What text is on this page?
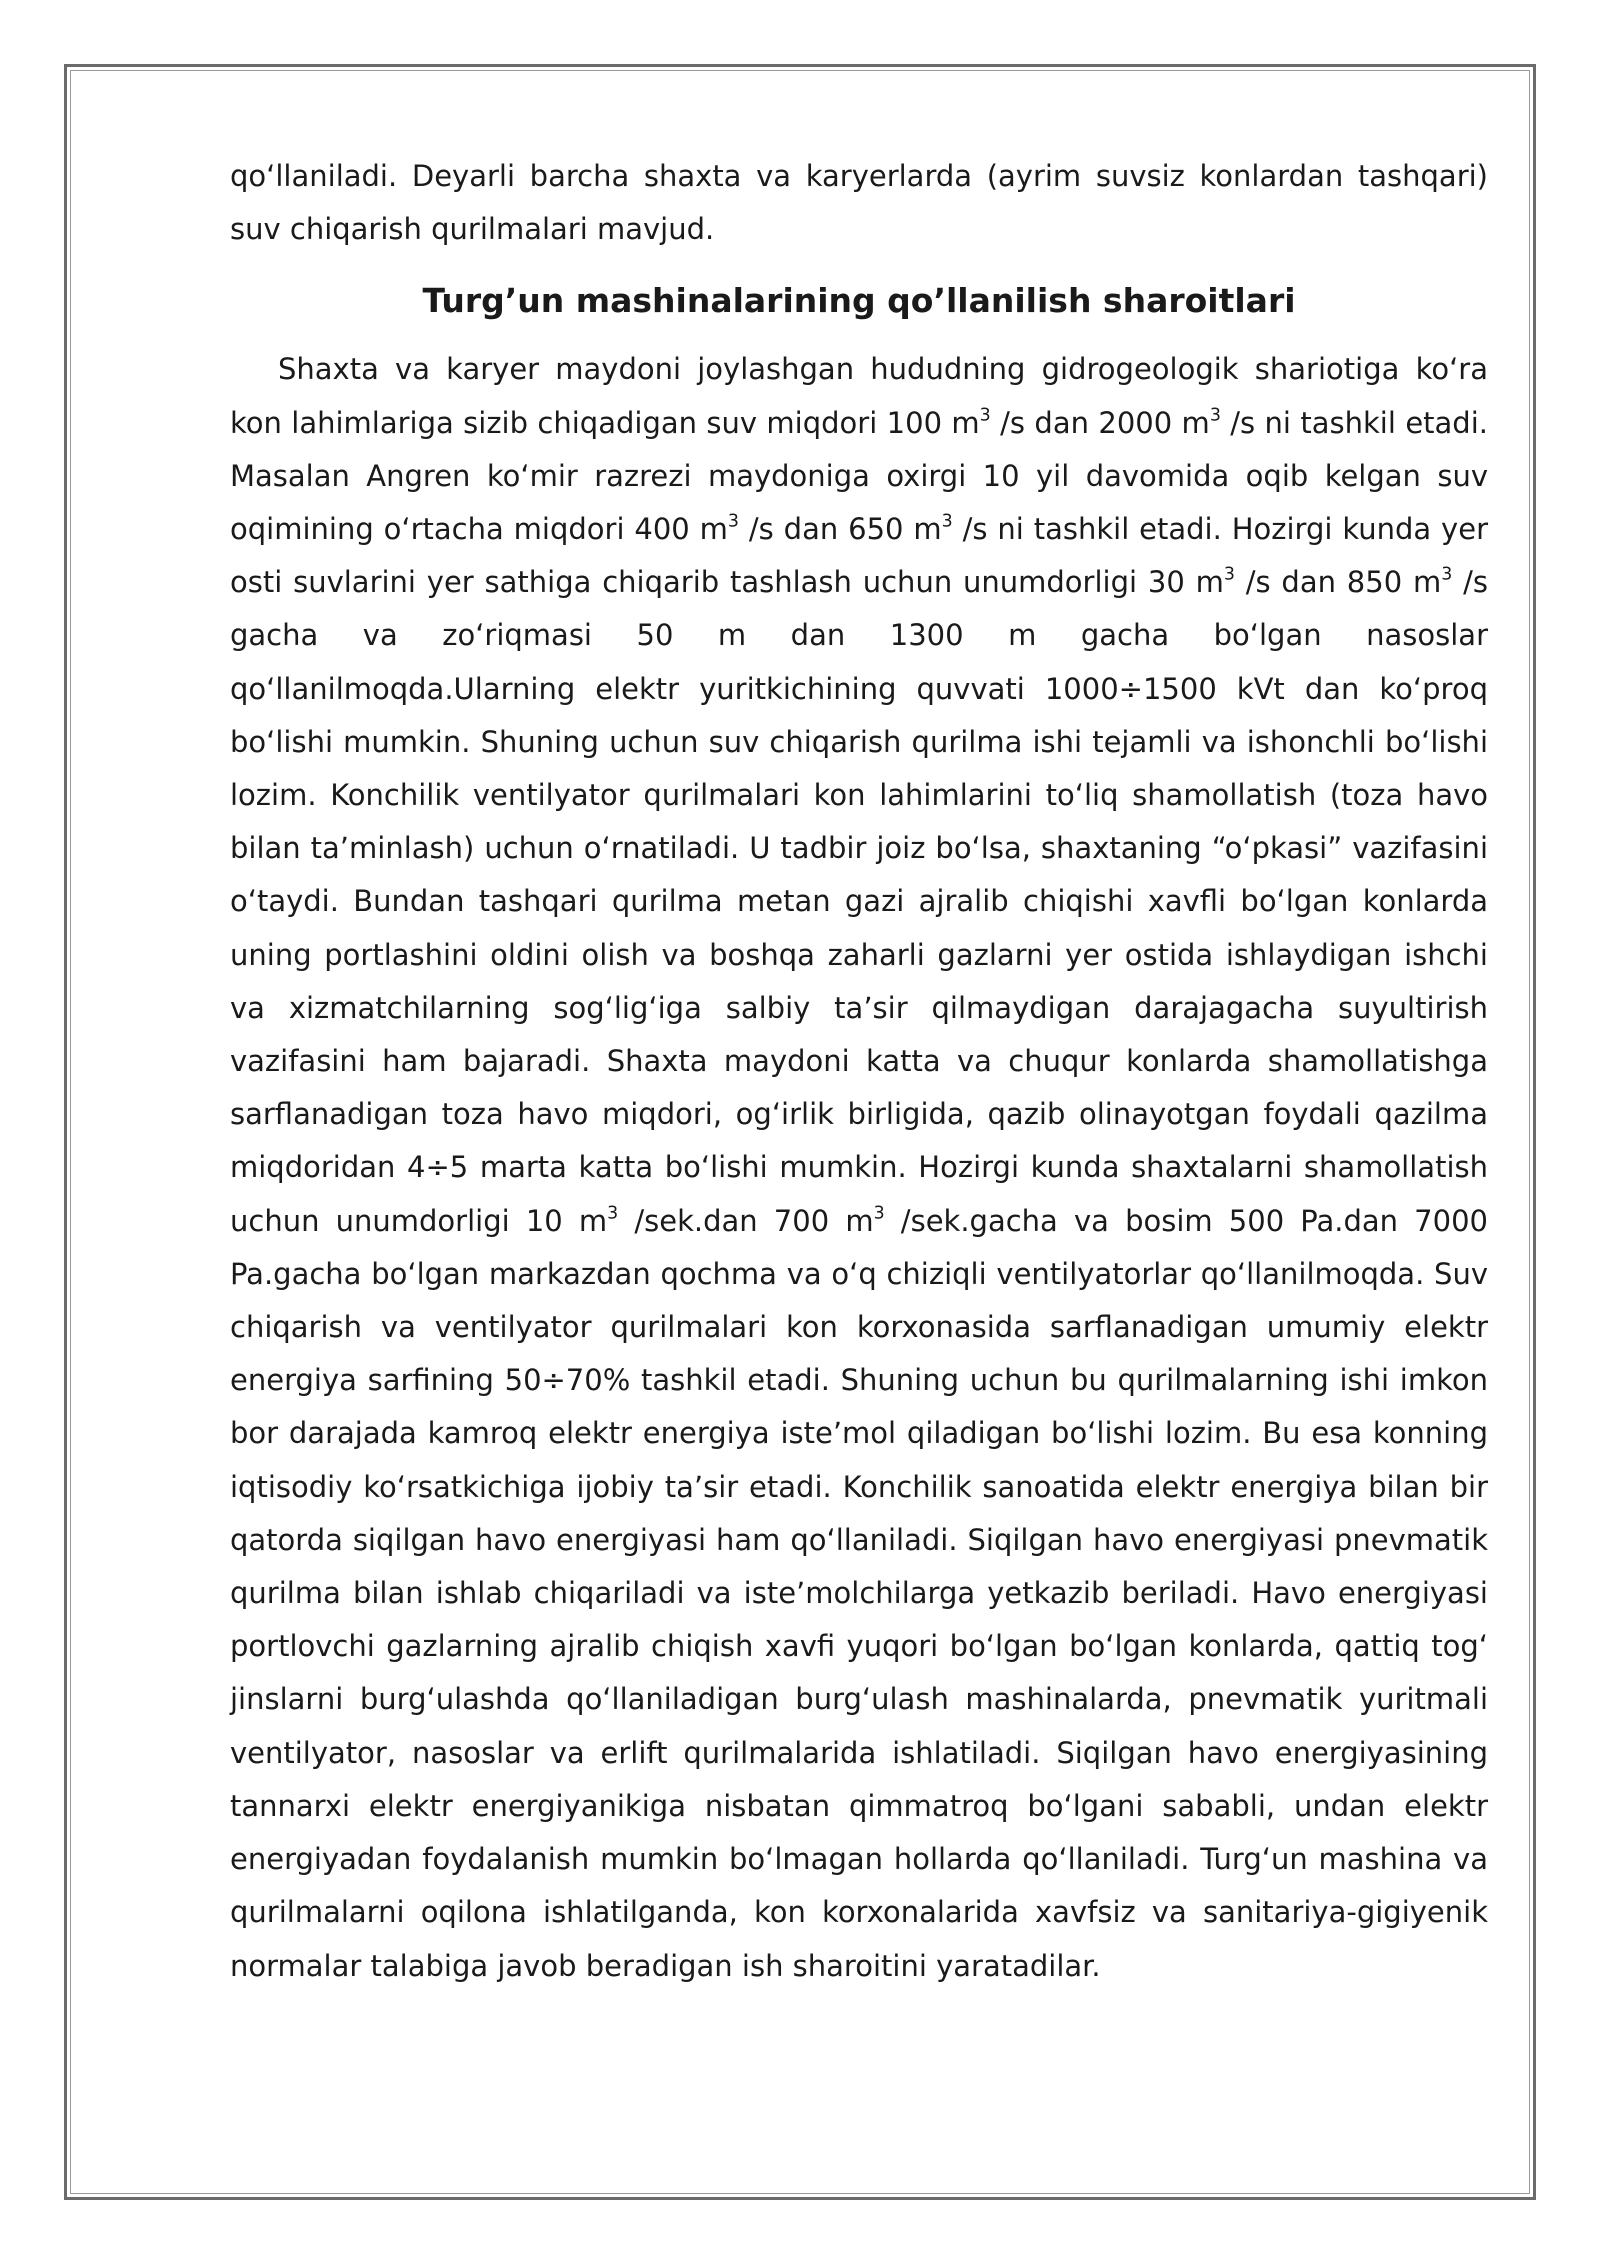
qoʻllaniladi. Deyarli barcha shaxta va karyerlarda (ayrim suvsiz konlardan tashqari) suv chiqarish qurilmalari mavjud.

Turg’un mashinalarining qo’llanilish sharoitlari

Shaxta va karyer maydoni joylashgan hududning gidrogeologik shariotiga koʻra kon lahimlariga sizib chiqadigan suv miqdori 100 $m^3$ /s dan 2000 $m^3$ /s ni tashkil etadi. Masalan Angren koʻmir razrezi maydoniga oxirgi 10 yil davomida oqib kelgan suv oqimining oʻrtacha miqdori 400 $m^3$ /s dan 650 $m^3$ /s ni tashkil etadi. Hozirgi kunda yer osti suvlarini yer sathiga chiqarib tashlash uchun unumdorligi 30 $m^3$ /s dan 850 $m^3$ /s gacha va zoʻriqmasi 50 m dan 1300 m gacha boʻlgan nasoslar qoʻllanilmoqda.Ularning elektr yuritkichining quvvati 1000÷1500 kVt dan koʻproq boʻlishi mumkin. Shuning uchun suv chiqarish qurilma ishi tejamli va ishonchli boʻlishi lozim. Konchilik ventilyator qurilmalari kon lahimlarini toʻliq shamollatish (toza havo bilan ta’minlash) uchun oʻrnatiladi. U tadbir joiz boʻlsa, shaxtaning “oʻpkasi” vazifasini oʻtaydi. Bundan tashqari qurilma metan gazi ajralib chiqishi xavfli boʻlgan konlarda uning portlashini oldini olish va boshqa zaharli gazlarni yer ostida ishlaydigan ishchi va xizmatchilarning sogʻligʻiga salbiy ta’sir qilmaydigan darajagacha suyultirish vazifasini ham bajaradi. Shaxta maydoni katta va chuqur konlarda shamollatishga sarflanadigan toza havo miqdori, ogʻirlik birligida, qazib olinayotgan foydali qazilma miqdoridan 4÷5 marta katta boʻlishi mumkin. Hozirgi kunda shaxtalarni shamollatish uchun unumdorligi 10 $m^3$ /sek.dan 700 $m^3$ /sek.gacha va bosim 500 Pa.dan 7000 Pa.gacha boʻlgan markazdan qochma va oʻq chiziqli ventilyatorlar qoʻllanilmoqda. Suv chiqarish va ventilyator qurilmalari kon korxonasida sarflanadigan umumiy elektr energiya sarfining 50÷70% tashkil etadi. Shuning uchun bu qurilmalarning ishi imkon bor darajada kamroq elektr energiya iste’mol qiladigan boʻlishi lozim. Bu esa konning iqtisodiy koʻrsatkichiga ijobiy ta’sir etadi. Konchilik sanoatida elektr energiya bilan bir qatorda siqilgan havo energiyasi ham qoʻllaniladi. Siqilgan havo energiyasi pnevmatik qurilma bilan ishlab chiqariladi va iste’molchilarga yetkazib beriladi. Havo energiyasi portlovchi gazlarning ajralib chiqish xavfi yuqori boʻlgan boʻlgan konlarda, qattiq togʻ jinslarni burgʻulashda qoʻllaniladigan burgʻulash mashinalarda, pnevmatik yuritmali ventilyator, nasoslar va erlift qurilmalarida ishlatiladi. Siqilgan havo energiyasining tannarxi elektr energiyanikiga nisbatan qimmatroq boʻlgani sababli, undan elektr energiyadan foydalanish mumkin boʻlmagan hollarda qoʻllaniladi. Turgʻun mashina va qurilmalarni oqilona ishlatilganda, kon korxonalarida xavfsiz va sanitariya-gigiyenik normalar talabiga javob beradigan ish sharoitini yaratadilar.
